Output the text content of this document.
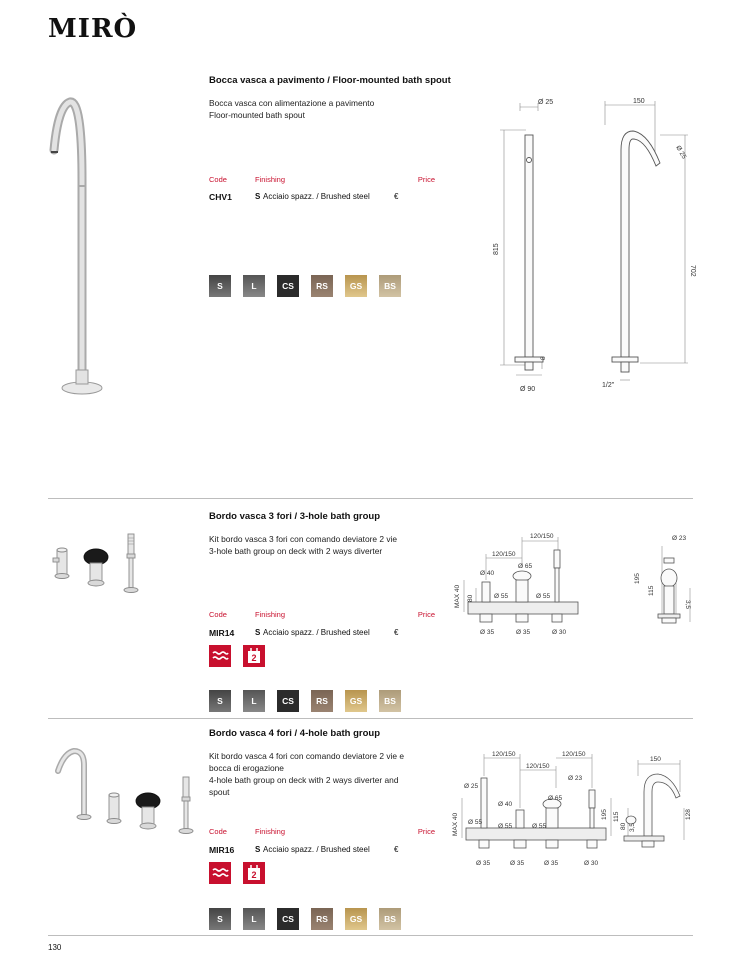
MIRÒ
Bocca vasca a pavimento / Floor-mounted bath spout
Bocca vasca con alimentazione a pavimento
Floor-mounted bath spout
Code	Finishing	Price
CHV1	S Acciaio spazz. / Brushed steel	€
S	L	CS	RS	GS	BS
Ø 25
815
8
Ø 90
150
Ø 25
702
1/2"
Bordo vasca 3 fori / 3-hole bath group
Kit bordo vasca 3 fori con comando deviatore 2 vie
3-hole bath group on deck with 2 ways diverter
Code	Finishing	Price
MIR14	S Acciaio spazz. / Brushed steel	€
2
S	L	CS	RS	GS	BS
120/150
120/150
Ø 40
Ø 65
MAX 40 80	Ø 55	Ø 55
Ø 35	Ø 35	Ø 30
Ø 23
195
115
3,5
Bordo vasca 4 fori / 4-hole bath group
Kit bordo vasca 4 fori con comando deviatore 2 vie e
bocca di erogazione
4-hole bath group on deck with 2 ways diverter and
spout
Code	Finishing	Price
MIR16	S Acciaio spazz. / Brushed steel	€
2
S	L	CS	RS	GS	BS
120/150
120/150
120/150
Ø 25
Ø 40
Ø 65
Ø 23
MAX 40 Ø 55
Ø 55	Ø 55
Ø 35	Ø 35	Ø 35	Ø 30
195
150
115
80 3,5
128
130
